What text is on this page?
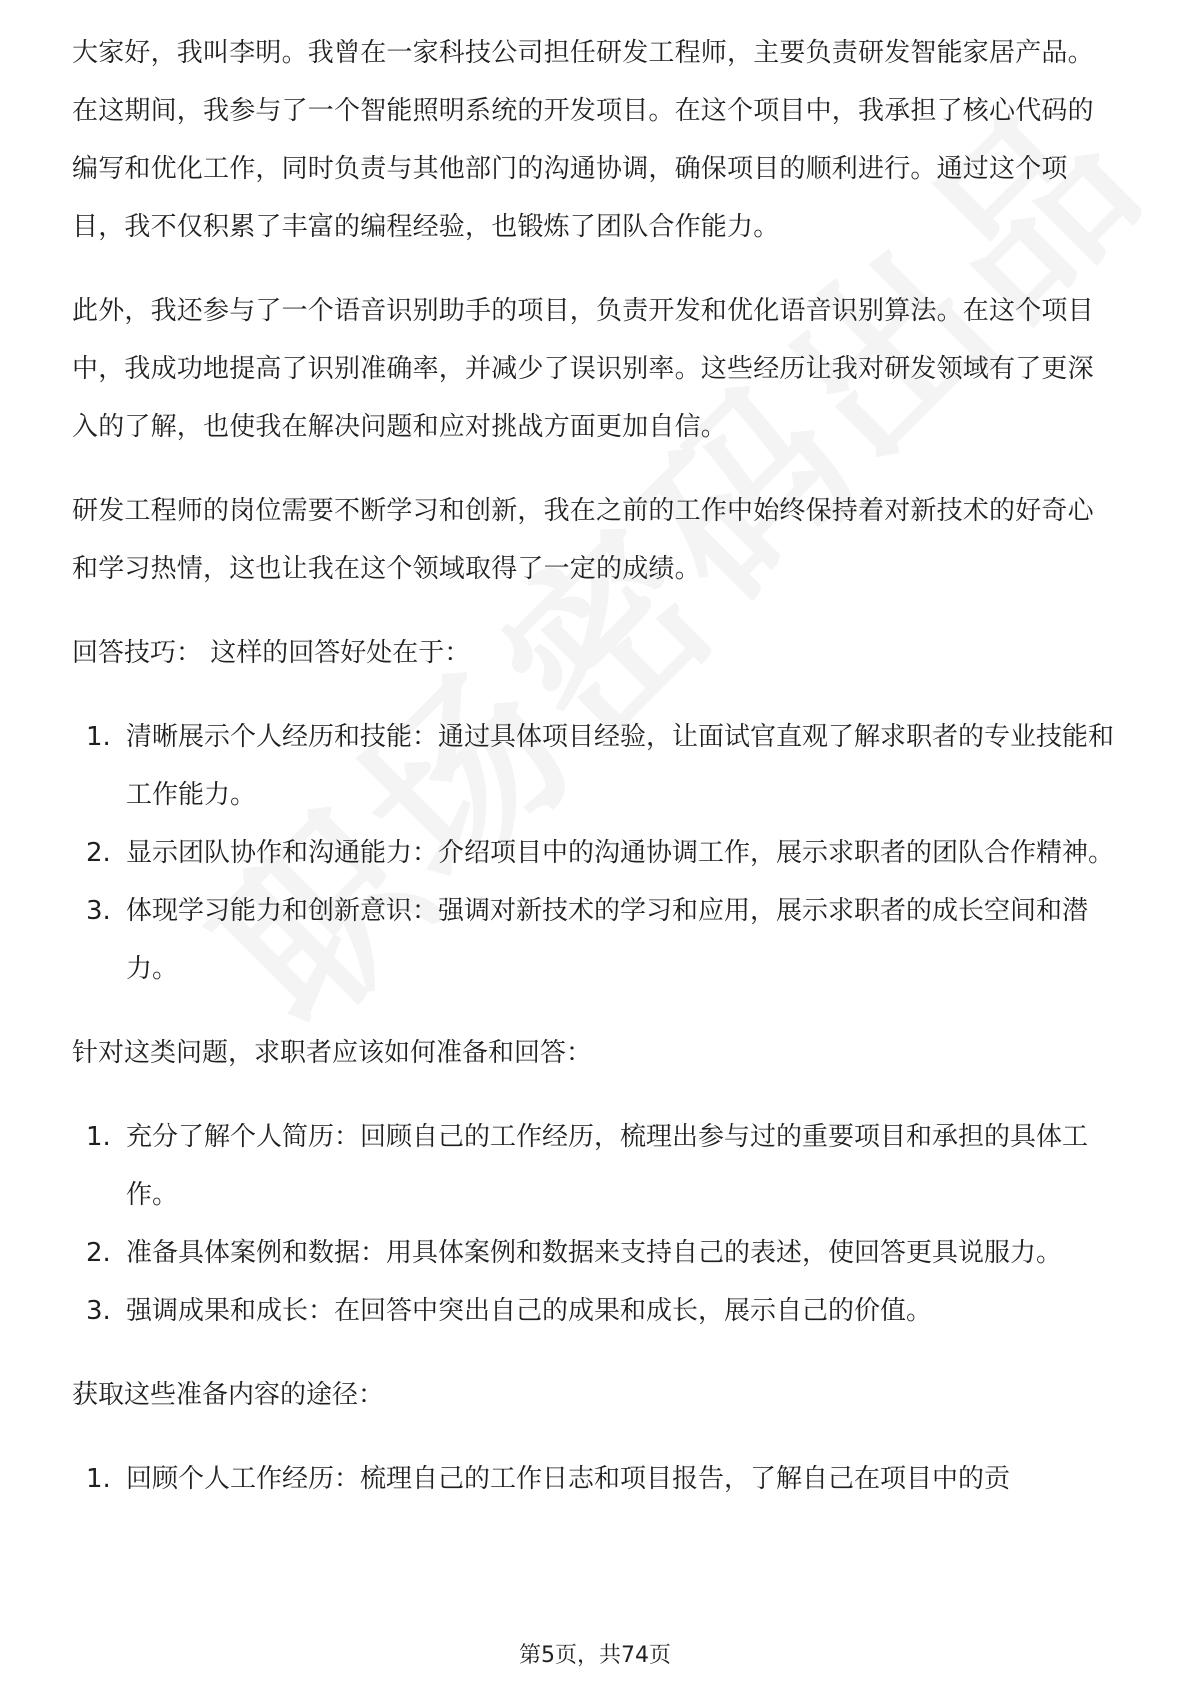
大家好，我叫李明。我曾在一家科技公司担任研发工程师，主要负责研发智能家居产品。在这期间，我参与了一个智能照明系统的开发项目。在这个项目中，我承担了核心代码的编写和优化工作，同时负责与其他部门的沟通协调，确保项目的顺利进行。通过这个项目，我不仅积累了丰富的编程经验，也锻炼了团队合作能力。

此外，我还参与了一个语音识别助手的项目，负责开发和优化语音识别算法。在这个项目中，我成功地提高了识别准确率，并减少了误识别率。这些经历让我对研发领域有了更深入的了解，也使我在解决问题和应对挑战方面更加自信。

研发工程师的岗位需要不断学习和创新，我在之前的工作中始终保持着对新技术的好奇心和学习热情，这也让我在这个领域取得了一定的成绩。

回答技巧： 这样的回答好处在于：

1. 清晰展示个人经历和技能：通过具体项目经验，让面试官直观了解求职者的专业技能和工作能力。
2. 显示团队协作和沟通能力：介绍项目中的沟通协调工作，展示求职者的团队合作精神。
3. 体现学习能力和创新意识：强调对新技术的学习和应用，展示求职者的成长空间和潜力。

针对这类问题，求职者应该如何准备和回答：

1. 充分了解个人简历：回顾自己的工作经历，梳理出参与过的重要项目和承担的具体工作。
2. 准备具体案例和数据：用具体案例和数据来支持自己的表述，使回答更具说服力。
3. 强调成果和成长：在回答中突出自己的成果和成长，展示自己的价值。

获取这些准备内容的途径：

1. 回顾个人工作经历：梳理自己的工作日志和项目报告，了解自己在项目中的贡
第5页，共74页
